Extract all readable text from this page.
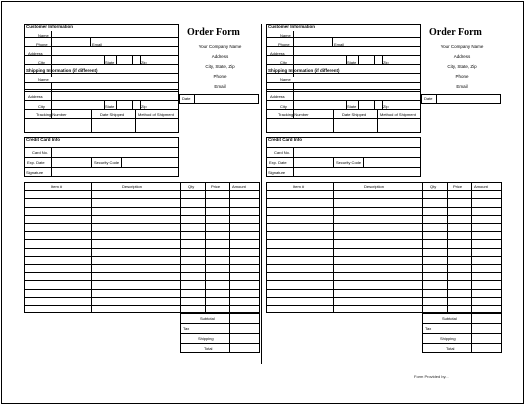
Customer Information
Name
Phone	Email
Address
City	State	Zip
Shipping Information (if different)
Name
Address
City	State	Zip
Tracking Number	Date Shipped	Method of Shipment
Order Form
Your Company Name
Address
City, State, Zip
Phone
Email
Date
Credit Card Info
Card No.
Exp. Date	Security Code
Signature
Item #	Description	Qty	Price	Amount
Subtotal
Tax
Shipping
Total
Customer Information
Name
Phone	Email
Address
City	State	Zip
Shipping Information (if different)
Name
Address
City	State	Zip
Tracking Number	Date Shipped	Method of Shipment
Order Form
Your Company Name
Address
City, State, Zip
Phone
Email
Date
Credit Card Info
Card No.
Exp. Date	Security Code
Signature
Item #	Description	Qty	Price	Amount
Subtotal
Tax
Shipping
Total
Form Provided by...
